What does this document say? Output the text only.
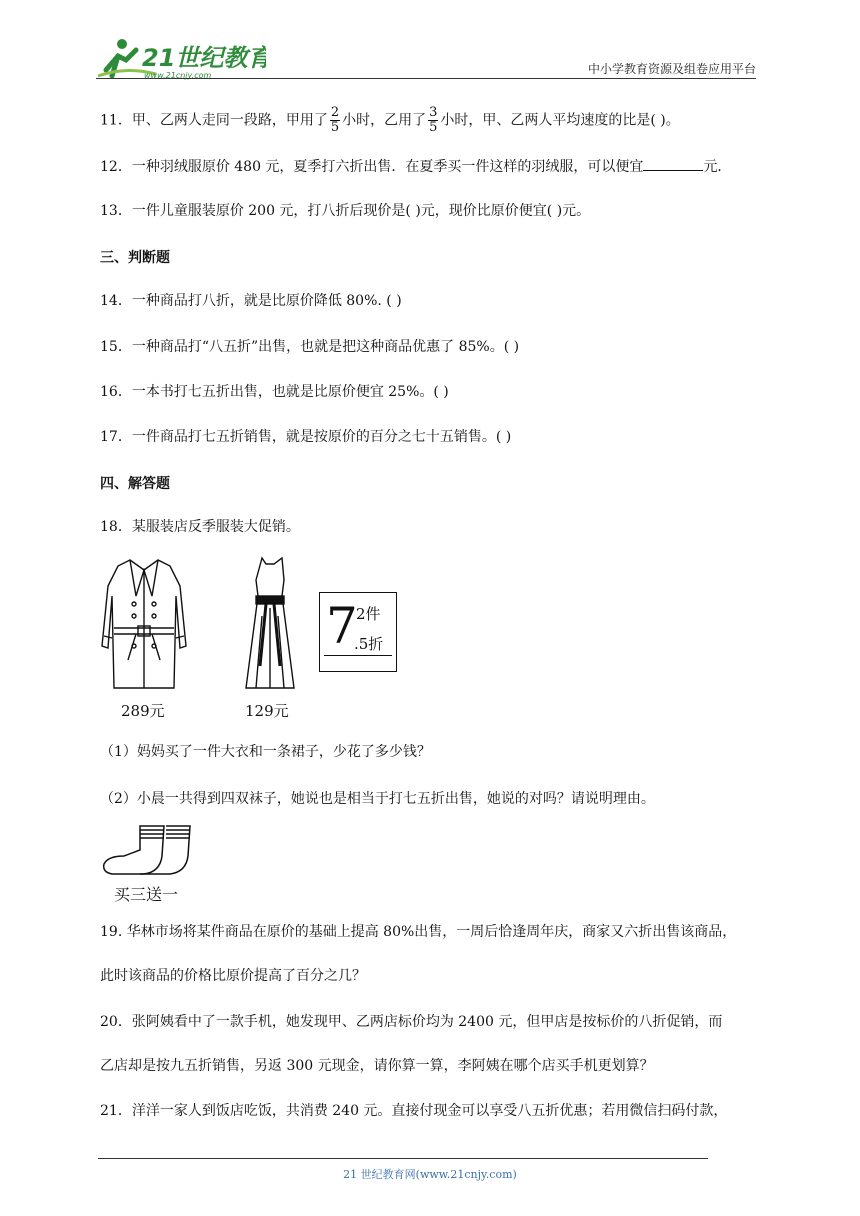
21世纪教育
www.21cnjy.com	中小学教育资源及组卷应用平台
11．甲、乙两人走同一段路，甲用了 $\frac{2}{5}$ 小时，乙用了 $\frac{3}{5}$ 小时，甲、乙两人平均速度的比是( )。
12．一种羽绒服原价 480 元，夏季打六折出售．在夏季买一件这样的羽绒服，可以便宜	元．
13．一件儿童服装原价 200 元，打八折后现价是( )元，现价比原价便宜( )元。
三、判断题
14．一种商品打八折，就是比原价降低 80%. ( )
15．一种商品打“八五折”出售，也就是把这种商品优惠了 85%。( )
16．一本书打七五折出售，也就是比原价便宜 25%。( )
17．一件商品打七五折销售，就是按原价的百分之七十五销售。( )
四、解答题
18．某服装店反季服装大促销。
289元	129元
7
2件
.5折
（1）妈妈买了一件大衣和一条裙子，少花了多少钱？
（2）小晨一共得到四双袜子，她说也是相当于打七五折出售，她说的对吗？请说明理由。
买三送一
19. 华林市场将某件商品在原价的基础上提高 80%出售，一周后恰逢周年庆，商家又六折出售该商品，
此时该商品的价格比原价提高了百分之几？
20．张阿姨看中了一款手机，她发现甲、乙两店标价均为 2400 元，但甲店是按标价的八折促销，而
乙店却是按九五折销售，另返 300 元现金，请你算一算，李阿姨在哪个店买手机更划算？
21．洋洋一家人到饭店吃饭，共消费 240 元。直接付现金可以享受八五折优惠；若用微信扫码付款，
21 世纪教育网(www.21cnjy.com)
